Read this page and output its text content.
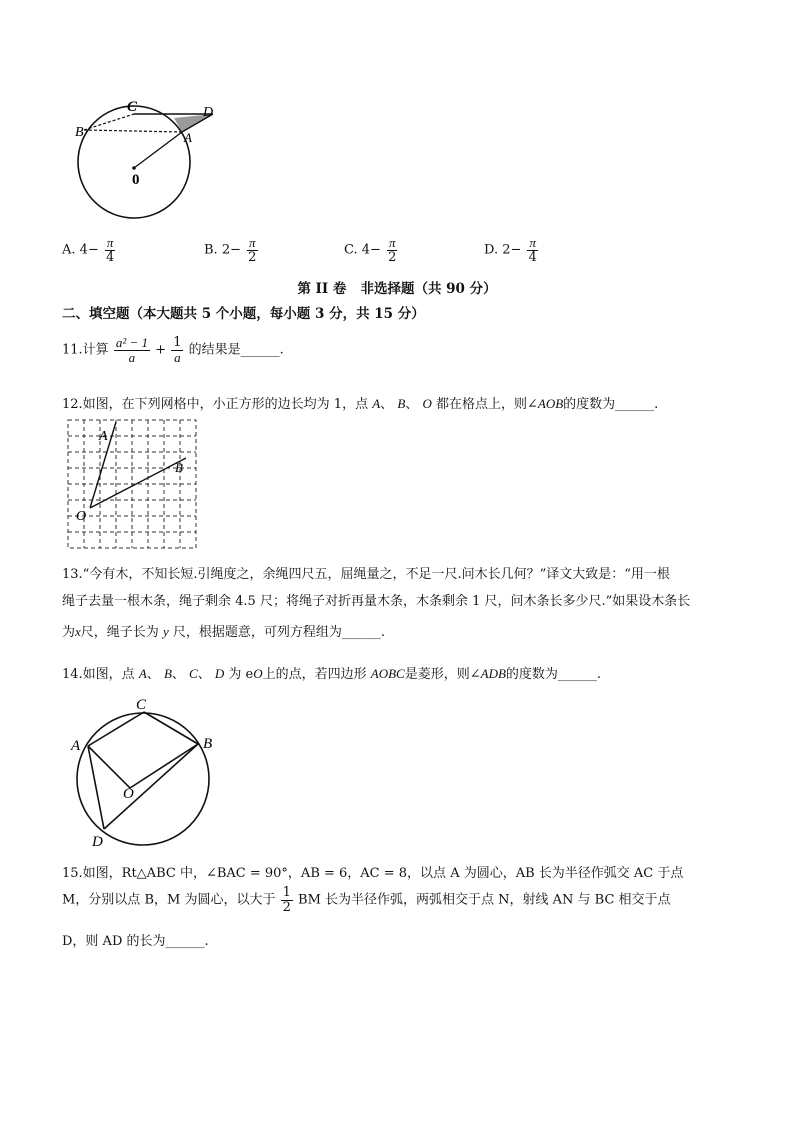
C	D
B	A
0
A. $4- \frac{\pi}{4}$	B. $2- \frac{\pi}{2}$	C. $4- \frac{\pi}{2}$	D. $2- \frac{\pi}{4}$
第 II 卷   非选择题（共 90 分）
二、填空题（本大题共 5 个小题，每小题 3 分，共 15 分）
11.计算 $\frac{\text{a² − 1}}{a} + \frac{1}{a}$ 的结果是______.
12.如图，在下列网格中，小正方形的边长均为 1，点 A、 B、 O 都在格点上，则∠AOB的度数为______.
A
B
O
13.“今有木，不知长短.引绳度之，余绳四尺五，屈绳量之，不足一尺.问木长几何？”译文大致是：“用一根
绳子去量一根木条，绳子剩余 4.5 尺；将绳子对折再量木条，木条剩余 1 尺，问木条长多少尺.”如果设木条长
为x尺，绳子长为 y 尺，根据题意，可列方程组为______.
14.如图，点 A、 B、 C、 D 为 eO上的点，若四边形 AOBC是菱形，则∠ADB的度数为______.
C
A	B
O
D
15.如图，Rt△ABC 中，∠BAC = 90°，AB = 6，AC = 8，以点 A 为圆心，AB 长为半径作弧交 AC 于点
M，分别以点 B，M 为圆心，以大于 $\frac{1}{2}$ BM 长为半径作弧，两弧相交于点 N，射线 AN 与 BC 相交于点
D，则 AD 的长为______.
